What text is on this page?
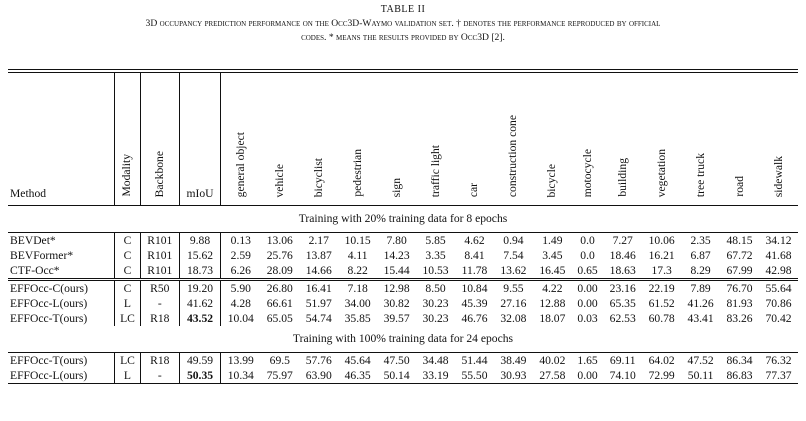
TABLE II
3D occupancy prediction performance on the Occ3D-Waymo validation set. † denotes the performance reproduced by official
codes. * means the results provided by Occ3D [2].
Method	Modality	Backbone	mIoU	general object	vehicle	bicyclist	pedestrian	sign	traffic light	car	construction cone	bicycle	motocycle	building	vegetation	tree truck	road	sidewalk
Training with 20% training data for 8 epochs																		
BEVDet*	C	R101	9.88	0.13	13.06	2.17	10.15	7.80	5.85	4.62	0.94	1.49	0.0	7.27	10.06	2.35	48.15	34.12
BEVFormer*	C	R101	15.62	2.59	25.76	13.87	4.11	14.23	3.35	8.41	7.54	3.45	0.0	18.46	16.21	6.87	67.72	41.68
CTF-Occ*	C	R101	18.73	6.26	28.09	14.66	8.22	15.44	10.53	11.78	13.62	16.45	0.65	18.63	17.3	8.29	67.99	42.98
EFFOcc-C(ours)	C	R50	19.20	5.90	26.80	16.41	7.18	12.98	8.50	10.84	9.55	4.22	0.00	23.16	22.19	7.89	76.70	55.64
EFFOcc-L(ours)	L	-	41.62	4.28	66.61	51.97	34.00	30.82	30.23	45.39	27.16	12.88	0.00	65.35	61.52	41.26	81.93	70.86
EFFOcc-T(ours)	LC	R18	43.52	10.04	65.05	54.74	35.85	39.57	30.23	46.76	32.08	18.07	0.03	62.53	60.78	43.41	83.26	70.42
Training with 100% training data for 24 epochs																		
EFFOcc-T(ours)	LC	R18	49.59	13.99	69.5	57.76	45.64	47.50	34.48	51.44	38.49	40.02	1.65	69.11	64.02	47.52	86.34	76.32
EFFOcc-L(ours)	L	-	50.35	10.34	75.97	63.90	46.35	50.14	33.19	55.50	30.93	27.58	0.00	74.10	72.99	50.11	86.83	77.37
